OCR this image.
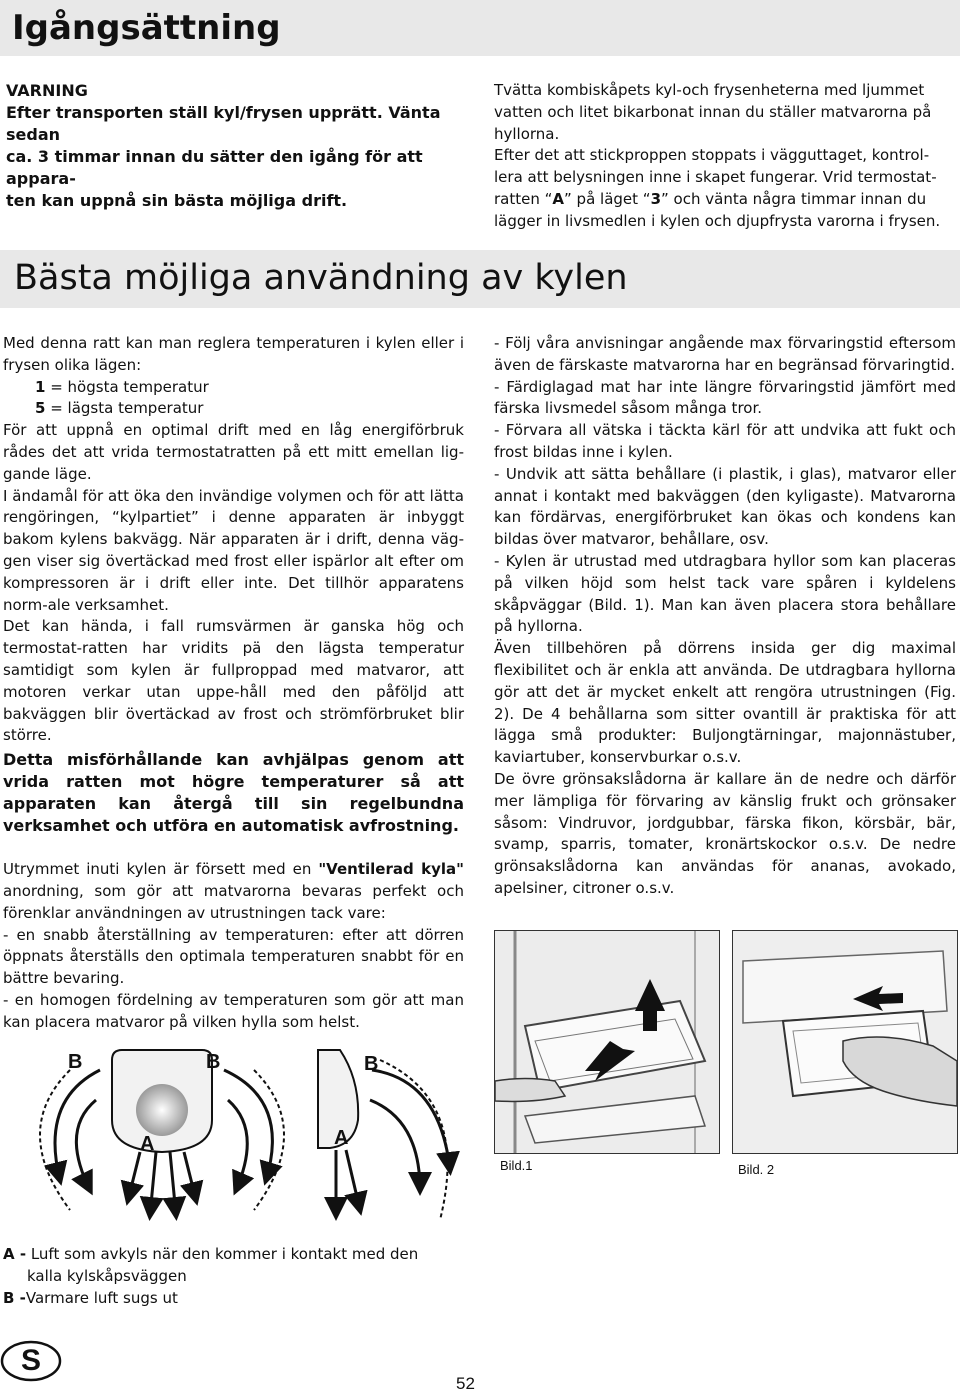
Igångsättning

VARNING

Efter transporten ställ kyl/frysen upprätt. Vänta sedan

ca. 3 timmar innan du sätter den igång för att appara-

ten kan uppnå sin bästa möjliga drift.

Tvätta kombiskåpets kyl-och frysenheterna med ljummet

vatten och litet bikarbonat innan du ställer matvarorna på

hyllorna.

Efter det att stickproppen stoppats i vägguttaget, kontrol-

lera att belysningen inne i skapet fungerar. Vrid termostat-

ratten “A” på läget “3” och vänta några timmar innan du

lägger in livsmedlen i kylen och djupfrysta varorna i frysen.

Bästa möjliga användning av kylen

Med denna ratt kan man reglera temperaturen i kylen eller i frysen olika lägen:

1 = högsta temperatur

5 = lägsta temperatur

För att uppnå en optimal drift med en låg energiförbruk rådes det att vrida termostatratten på ett mitt emellan lig-gande läge.

I ändamål för att öka den invändige volymen och för att lätta rengöringen, “kylpartiet” i denne apparaten är inbyggt bakom kylens bakvägg. När apparaten är i drift, denna väg-gen viser sig övertäckad med frost eller ispärlor alt efter om kompressoren är i drift eller inte. Det tillhör apparatens norm-ale verksamhet.

Det kan hända, i fall rumsvärmen är ganska hög och termostat-ratten har vridits pä den lägsta temperatur samtidigt som kylen är fullproppad med matvaror, att motoren verkar utan uppe-håll med den påföljd att bakväggen blir övertäckad av frost och strömförbruket blir större.

Detta misförhållande kan avhjälpas genom att vrida ratten mot högre temperaturer så att apparaten kan återgå till sin regelbundna verksamhet och utföra en automatisk avfrostning.

Utrymmet inuti kylen är försett med en "Ventilerad kyla" anordning, som gör att matvarorna bevaras perfekt och förenklar användningen av utrustningen tack vare:

- en snabb återställning av temperaturen: efter att dörren öppnats återställs den optimala temperaturen snabbt för en bättre bevaring.

- en homogen fördelning av temperaturen som gör att man kan placera matvaror på vilken hylla som helst.

- Följ våra anvisningar angående max förvaringstid eftersom även de färskaste matvarorna har en begränsad förvaringtid.

- Färdiglagad mat har inte längre förvaringstid jämfört med färska livsmedel såsom många tror.

- Förvara all vätska i täckta kärl för att undvika att fukt och frost bildas inne i kylen.

- Undvik att sätta behållare (i plastik, i glas), matvaror eller annat i kontakt med bakväggen (den kyligaste). Matvarorna kan fördärvas, energiförbruket kan ökas och kondens kan bildas över matvaror, behållare, osv.

- Kylen är utrustad med utdragbara hyllor som kan placeras på vilken höjd som helst tack vare spåren i kyldelens skåpväggar (Bild. 1). Man kan även placera stora behållare på hyllorna.

Även tillbehören på dörrens insida ger dig maximal flexibilitet och är enkla att använda. De utdragbara hyllorna gör att det är mycket enkelt att rengöra utrustningen (Fig. 2). De 4 behållarna som sitter ovantill är praktiska för att lägga små produkter: Buljongtärningar, majonnästuber, kaviartuber, konservburkar o.s.v.

De övre grönsakslådorna är kallare än de nedre och därför mer lämpliga för förvaring av känslig frukt och grönsaker såsom: Vindruvor, jordgubbar, färska fikon, körsbär, bär, svamp, sparris, tomater, kronärtskockor o.s.v. De nedre grönsakslådorna kan användas för ananas, avokado, apelsiner, citroner o.s.v.

B	B	B
A	A
Bild.1	Bild. 2
A - Luft som avkyls när den kommer i kontakt med den
kalla kylskåpsväggen
B -Varmare luft sugs ut
S
52
